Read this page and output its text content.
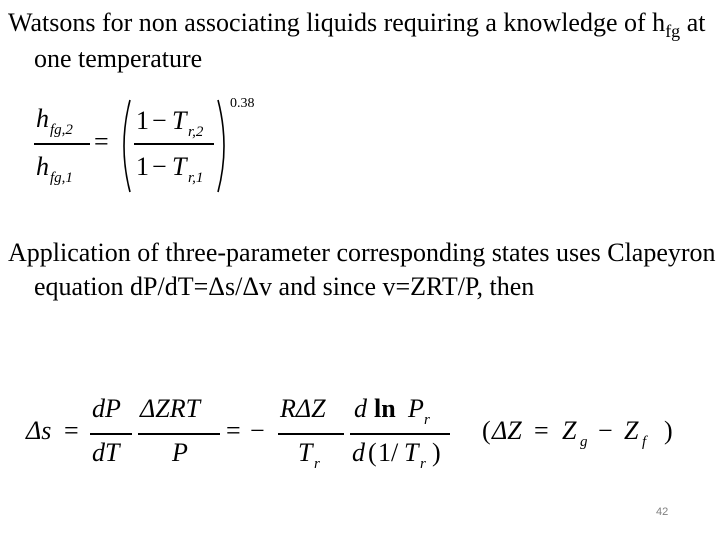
Watsons for non associating liquids requiring a knowledge of $h_{fg}$ at one temperature
h fg,2
h fg,1
=
1 − T r,2
1 − T r,1
0.38
Application of three-parameter corresponding states uses Clapeyron equation dP/dT=Δs/Δv and since v=ZRT/P, then
Δs =
dP
dT
ΔZRT
P
= −
RΔZ
T r
d ln P r
d ( 1/ T r )
( ΔZ = Z g − Z f )
42
